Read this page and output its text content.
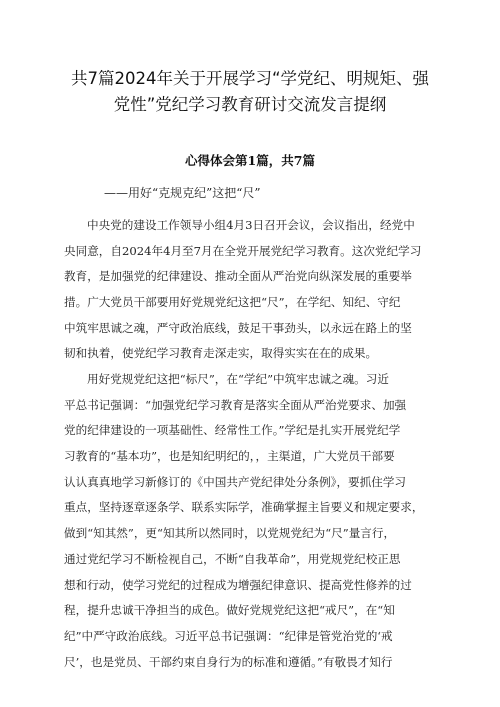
共7篇2024年关于开展学习“学党纪、明规矩、强
党性”党纪学习教育研讨交流发言提纲
心得体会第1篇，共7篇
——用好“克规克纪”这把“尺”
中央党的建设工作领导小组4月3日召开会议，会议指出，经党中
央同意，自2024年4月至7月在全党开展党纪学习教育。这次党纪学习
教育，是加强党的纪律建设、推动全面从严治党向纵深发展的重要举
措。广大党员干部要用好党规党纪这把“尺”，在学纪、知纪、守纪
中筑牢思诚之魂，严守政治底线，鼓足干事劲头，以永远在路上的坚
韧和执着，使党纪学习教育走深走实，取得实实在在的成果。
用好党规党纪这把“标尺”，在“学纪”中筑牢忠诚之魂。习近
平总书记强调：“加强党纪学习教育是落实全面从严治党要求、加强
党的纪律建设的一项基础性、经常性工作。”学纪是扎实开展党纪学
习教育的“基本功”，也是知纪明纪的，，主渠道，广大党员干部要
认认真真地学习新修订的《中国共产党纪律处分条例》，要抓住学习
重点，坚持逐章逐条学、联系实际学，准确掌握主旨要义和规定要求，
做到“知其然”，更“知其所以然同时，以党规党纪为“尺”量言行，
通过党纪学习不断检视自己，不断“自我革命”，用党规党纪校正思
想和行动，使学习党纪的过程成为增强纪律意识、提高党性修养的过
程，提升忠诚干净担当的成色。做好党规党纪这把“戒尺”，在“知
纪”中严守政治底线。习近平总书记强调：“纪律是管党治党的‘戒
尺’，也是党员、干部约束自身行为的标准和遵循。”有敬畏才知行
